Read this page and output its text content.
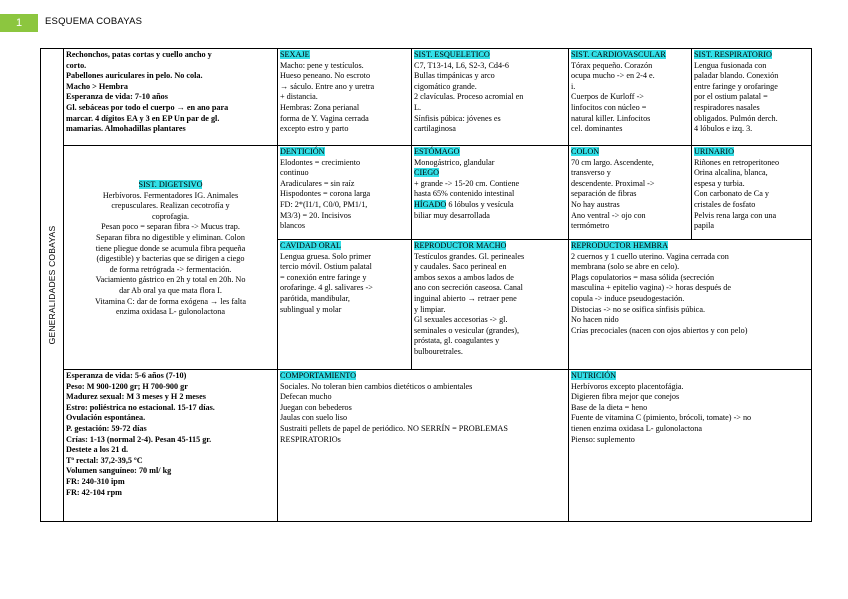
1	ESQUEMA COBAYAS
GENERALIDADES COBAYAS
Rechonchos, patas cortas y cuello ancho y
corto.
Pabellones auriculares in pelo. No cola.
Macho > Hembra
Esperanza de vida: 7-10 años
Gl. sebáceas por todo el cuerpo → en ano para
marcar. 4 dígitos EA y 3 en EP Un par de gl.
mamarias. Almohadillas plantares
SEXAJE
Macho: pene y testículos.
Hueso peneano. No escroto
→ sáculo. Entre ano y uretra
+ distancia.
Hembras: Zona perianal
forma de Y. Vagina cerrada
excepto estro y parto
SIST. ESQUELETICO
C7, T13-14, L6, S2-3, Cd4-6
Bullas timpánicas y arco
cigomático grande.
2 clavículas. Proceso acromial en
L.
Sínfisis púbica: jóvenes es
cartilaginosa
SIST. CARDIOVASCULAR
Tórax pequeño. Corazón
ocupa mucho -> en 2-4 e.
i.
Cuerpos de Kurloff ->
linfocitos con núcleo =
natural killer. Linfocitos
cel. dominantes
SIST. RESPIRATORIO
Lengua fusionada con
paladar blando. Conexión
entre faringe y orofaringe
por el ostium palatal =
respiradores nasales
obligados. Pulmón derch.
4 lóbulos e izq. 3.
SIST. DIGETSIVO
Herbívoros. Fermentadores IG. Animales
crepusculares. Realizan cecotrofía y
coprofagia.
Pesan poco = separan fibra -> Mucus trap.
Separan fibra no digestible y eliminan. Colon
tiene pliegue donde se acumula fibra pequeña
(digestible) y bacterias que se dirigen a ciego
de forma retrógrada -> fermentación.
Vaciamiento gástrico en 2h y total en 20h. No
dar Ab oral ya que mata flora I.
Vitamina C: dar de forma exógena → les falta
enzima oxidasa L- gulonolactona
DENTICIÓN
Elodontes = crecimiento
continuo
Aradiculares = sin raíz
Hispodontes = corona larga
FD: 2*(I1/1, C0/0, PM1/1,
M3/3) = 20. Incisivos
blancos
ESTÓMAGO
Monogástrico, glandular
CIEGO
+ grande -> 15-20 cm. Contiene
hasta 65% contenido intestinal
HÍGADO 6 lóbulos y vesícula
biliar muy desarrollada
COLON
70 cm largo. Ascendente,
transverso y
descendente. Proximal ->
separación de fibras
No hay austras
Ano ventral -> ojo con
termómetro
URINARIO
Riñones en retroperitoneo
Orina alcalina, blanca,
espesa y turbia.
Con carbonato de Ca y
cristales de fosfato
Pelvis rena larga con una
papila
CAVIDAD ORAL
Lengua gruesa. Solo primer
tercio móvil. Ostium palatal
= conexión entre faringe y
orofaringe. 4 gl. salivares ->
parótida, mandibular,
sublingual y molar
REPRODUCTOR MACHO
Testículos grandes. Gl. perineales
y caudales. Saco perineal en
ambos sexos a ambos lados de
ano con secreción caseosa. Canal
inguinal abierto → retraer pene
y limpiar.
Gl sexuales accesorias -> gl.
seminales o vesicular (grandes),
próstata, gl. coagulantes y
bulbouretrales.
REPRODUCTOR HEMBRA
2 cuernos y 1 cuello uterino. Vagina cerrada con
membrana (solo se abre en celo).
Plags copulatorios = masa sólida (secreción
masculina + epitelio vagina) -> horas después de
copula -> induce pseudogestación.
Distocias -> no se osifica sínfisis púbica.
No hacen nido
Crías precociales (nacen con ojos abiertos y con pelo)
Esperanza de vida: 5-6 años (7-10)
Peso: M 900-1200 gr; H 700-900 gr
Madurez sexual: M 3 meses y H 2 meses
Estro: poliéstrica no estacional. 15-17 días.
Ovulación espontánea.
P. gestación: 59-72 días
Crías: 1-13 (normal 2-4). Pesan 45-115 gr.
Destete a los 21 d.
Tª rectal: 37,2-39,5 ºC
Volumen sanguíneo: 70 ml/ kg
FR: 240-310 ipm
FR: 42-104 rpm
COMPORTAMIENTO
Sociales. No toleran bien cambios dietéticos o ambientales
Defecan mucho
Juegan con bebederos
Jaulas con suelo liso
Sustraiti pellets de papel de periódico. NO SERRÍN = PROBLEMAS
RESPIRATORIOs
NUTRICIÓN
Herbívoros excepto placentofágia.
Digieren fibra mejor que conejos
Base de la dieta = heno
Fuente de vitamina C (pimiento, brócoli, tomate) -> no
tienen enzima oxidasa L- gulonolactona
Pienso: suplemento
